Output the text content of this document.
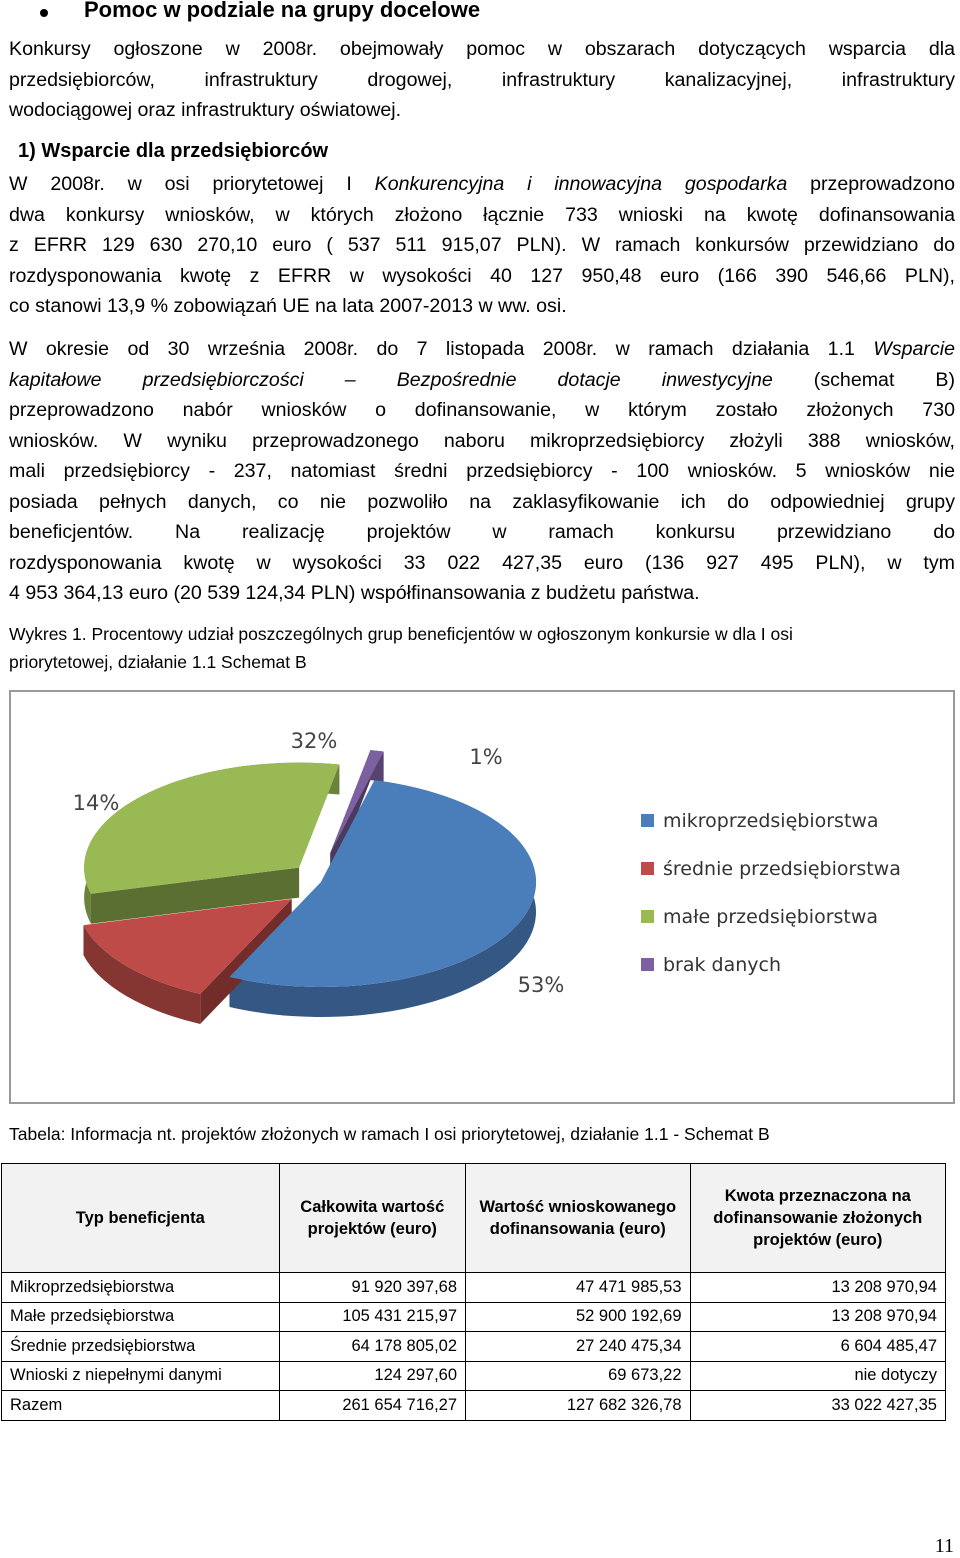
Pomoc w podziale na grupy docelowe
Konkursy ogłoszone w 2008r. obejmowały pomoc w obszarach dotyczących wsparcia dla
przedsiębiorców, infrastruktury drogowej, infrastruktury kanalizacyjnej, infrastruktury
wodociągowej oraz infrastruktury oświatowej.
1) Wsparcie dla przedsiębiorców
W 2008r. w osi priorytetowej I Konkurencyjna i innowacyjna gospodarka przeprowadzono
dwa konkursy wniosków, w których złożono łącznie 733 wnioski na kwotę dofinansowania
z EFRR 129 630 270,10 euro ( 537 511 915,07 PLN). W ramach konkursów przewidziano do
rozdysponowania kwotę z EFRR w wysokości 40 127 950,48 euro (166 390 546,66 PLN),
co stanowi 13,9 % zobowiązań UE na lata 2007-2013 w ww. osi.
W okresie od 30 września 2008r. do 7 listopada 2008r. w ramach działania 1.1 Wsparcie
kapitałowe przedsiębiorczości – Bezpośrednie dotacje inwestycyjne (schemat B)
przeprowadzono nabór wniosków o dofinansowanie, w którym zostało złożonych 730
wniosków. W wyniku przeprowadzonego naboru mikroprzedsiębiorcy złożyli 388 wniosków,
mali przedsiębiorcy - 237, natomiast średni przedsiębiorcy - 100 wniosków. 5 wniosków nie
posiada pełnych danych, co nie pozwoliło na zaklasyfikowanie ich do odpowiedniej grupy
beneficjentów. Na realizację projektów w ramach konkursu przewidziano do
rozdysponowania kwotę w wysokości 33 022 427,35 euro (136 927 495 PLN), w tym
4 953 364,13 euro (20 539 124,34 PLN) współfinansowania z budżetu państwa.
Wykres 1. Procentowy udział poszczególnych grup beneficjentów w ogłoszonym konkursie w dla I osi
priorytetowej, działanie 1.1 Schemat B
53%
14%
32%
1%
mikroprzedsiębiorstwa
średnie przedsiębiorstwa
małe przedsiębiorstwa
brak danych
Tabela: Informacja nt. projektów złożonych w ramach I osi priorytetowej, działanie 1.1 - Schemat B
Typ beneficjenta	Całkowita wartość projektów (euro)	Wartość wnioskowanego dofinansowania (euro)	Kwota przeznaczona na dofinansowanie złożonych projektów (euro)
Mikroprzedsiębiorstwa	91 920 397,68	47 471 985,53	13 208 970,94
Małe przedsiębiorstwa	105 431 215,97	52 900 192,69	13 208 970,94
Średnie przedsiębiorstwa	64 178 805,02	27 240 475,34	6 604 485,47
Wnioski z niepełnymi danymi	124 297,60	69 673,22	nie dotyczy
Razem	261 654 716,27	127 682 326,78	33 022 427,35
11
